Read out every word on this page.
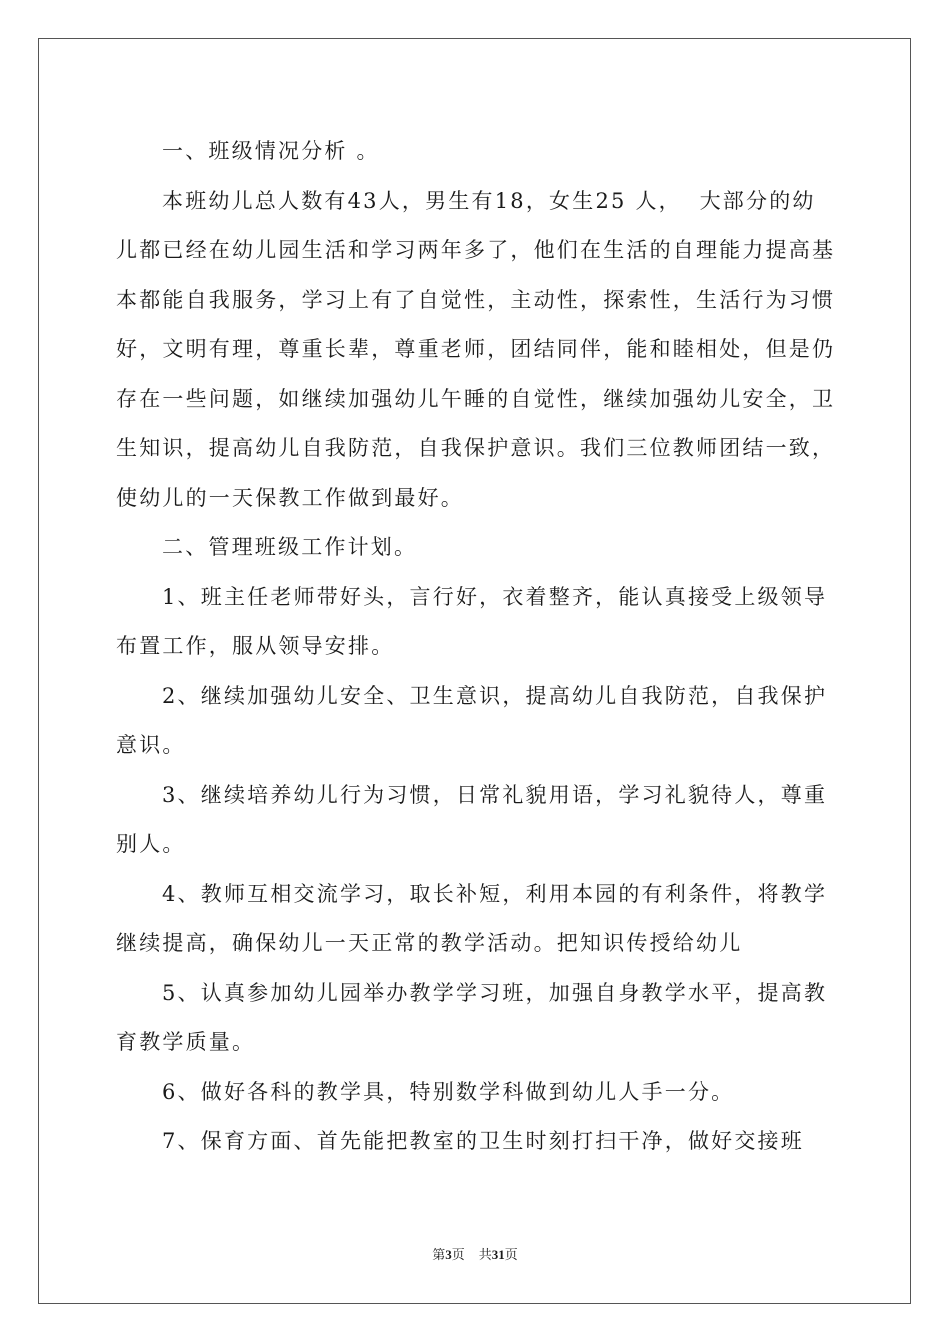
一、班级情况分析 。

本班幼儿总人数有43人，男生有18，女生25 人，  大部分的幼儿都已经在幼儿园生活和学习两年多了，他们在生活的自理能力提高基本都能自我服务，学习上有了自觉性，主动性，探索性，生活行为习惯好，文明有理，尊重长辈，尊重老师，团结同伴，能和睦相处，但是仍存在一些问题，如继续加强幼儿午睡的自觉性，继续加强幼儿安全，卫生知识，提高幼儿自我防范，自我保护意识。我们三位教师团结一致，使幼儿的一天保教工作做到最好。

二、管理班级工作计划。

1、班主任老师带好头，言行好，衣着整齐，能认真接受上级领导布置工作，服从领导安排。

2、继续加强幼儿安全、卫生意识，提高幼儿自我防范，自我保护意识。

3、继续培养幼儿行为习惯，日常礼貌用语，学习礼貌待人，尊重别人。

4、教师互相交流学习，取长补短，利用本园的有利条件，将教学继续提高，确保幼儿一天正常的教学活动。把知识传授给幼儿

5、认真参加幼儿园举办教学学习班，加强自身教学水平，提高教育教学质量。

6、做好各科的教学具，特别数学科做到幼儿人手一分。

7、保育方面、首先能把教室的卫生时刻打扫干净，做好交接班

第3页 共31页
